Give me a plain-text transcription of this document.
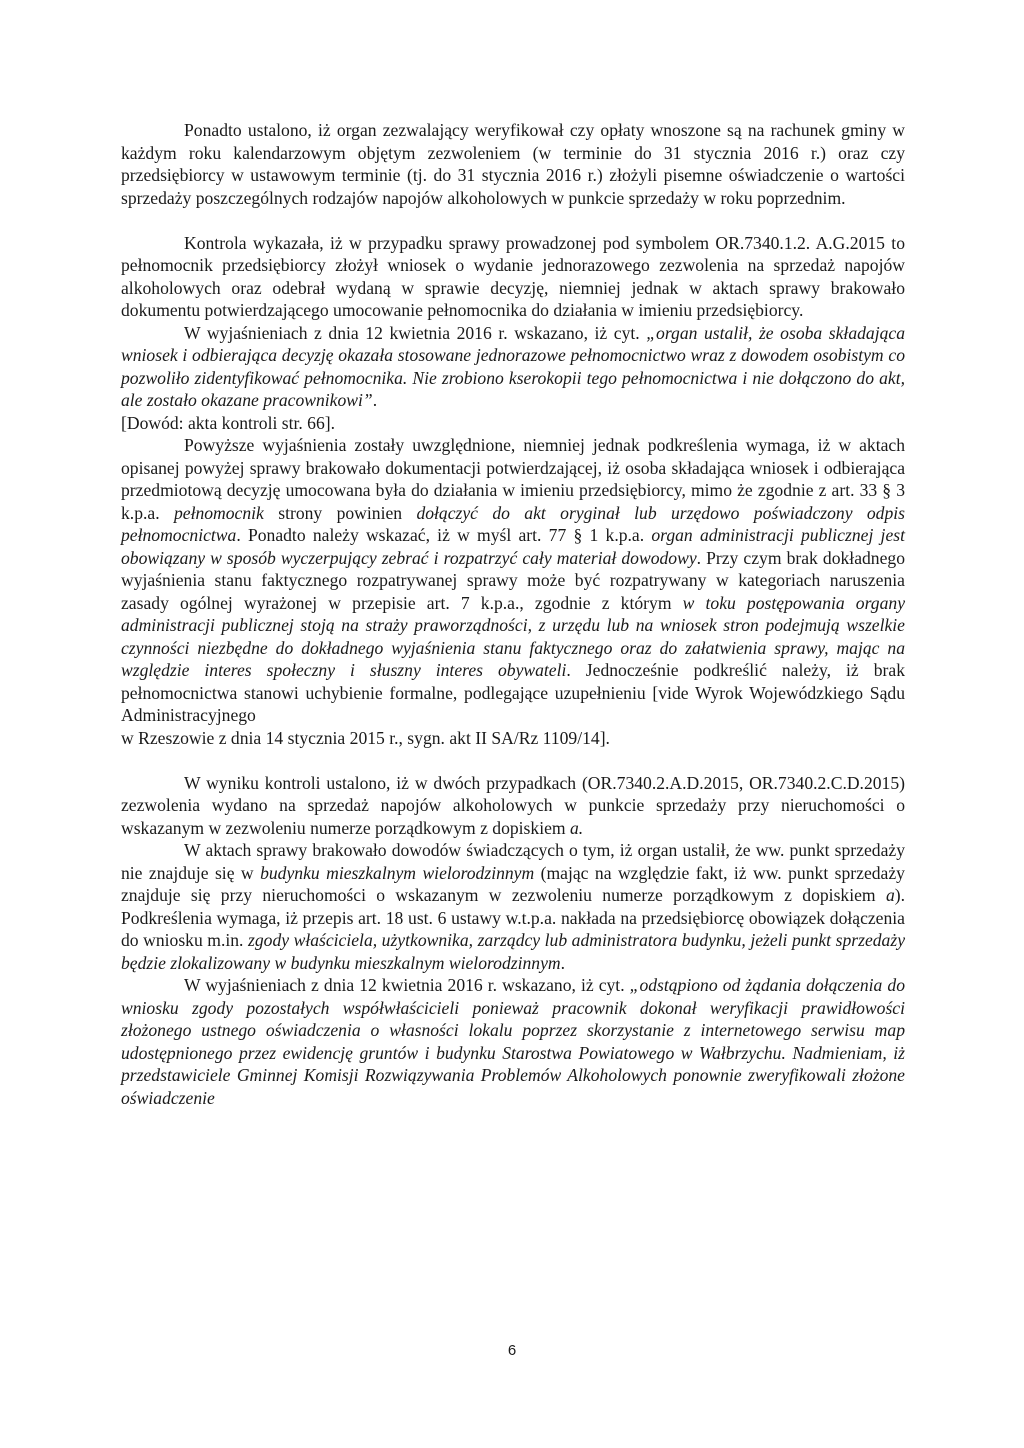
Ponadto ustalono, iż organ zezwalający weryfikował czy opłaty wnoszone są na rachunek gminy w każdym roku kalendarzowym objętym zezwoleniem (w terminie do 31 stycznia 2016 r.) oraz czy przedsiębiorcy w ustawowym terminie (tj. do 31 stycznia 2016 r.) złożyli pisemne oświadczenie o wartości sprzedaży poszczególnych rodzajów napojów alkoholowych w punkcie sprzedaży w roku poprzednim.

Kontrola wykazała, iż w przypadku sprawy prowadzonej pod symbolem OR.7340.1.2. A.G.2015 to pełnomocnik przedsiębiorcy złożył wniosek o wydanie jednorazowego zezwolenia na sprzedaż napojów alkoholowych oraz odebrał wydaną w sprawie decyzję, niemniej jednak w aktach sprawy brakowało dokumentu potwierdzającego umocowanie pełnomocnika do działania w imieniu przedsiębiorcy.

W wyjaśnieniach z dnia 12 kwietnia 2016 r. wskazano, iż cyt. „organ ustalił, że osoba składająca wniosek i odbierająca decyzję okazała stosowane jednorazowe pełnomocnictwo wraz z dowodem osobistym co pozwoliło zidentyfikować pełnomocnika. Nie zrobiono kserokopii tego pełnomocnictwa i nie dołączono do akt, ale zostało okazane pracownikowi”.

[Dowód: akta kontroli str. 66].

Powyższe wyjaśnienia zostały uwzględnione, niemniej jednak podkreślenia wymaga, iż w aktach opisanej powyżej sprawy brakowało dokumentacji potwierdzającej, iż osoba składająca wniosek i odbierająca przedmiotową decyzję umocowana była do działania w imieniu przedsiębiorcy, mimo że zgodnie z art. 33 § 3 k.p.a. pełnomocnik strony powinien dołączyć do akt oryginał lub urzędowo poświadczony odpis pełnomocnictwa. Ponadto należy wskazać, iż w myśl art. 77 § 1 k.p.a. organ administracji publicznej jest obowiązany w sposób wyczerpujący zebrać i rozpatrzyć cały materiał dowodowy. Przy czym brak dokładnego wyjaśnienia stanu faktycznego rozpatrywanej sprawy może być rozpatrywany w kategoriach naruszenia zasady ogólnej wyrażonej w przepisie art. 7 k.p.a., zgodnie z którym w toku postępowania organy administracji publicznej stoją na straży praworządności, z urzędu lub na wniosek stron podejmują wszelkie czynności niezbędne do dokładnego wyjaśnienia stanu faktycznego oraz do załatwienia sprawy, mając na względzie interes społeczny i słuszny interes obywateli. Jednocześnie podkreślić należy, iż brak pełnomocnictwa stanowi uchybienie formalne, podlegające uzupełnieniu [vide Wyrok Wojewódzkiego Sądu Administracyjnego

w Rzeszowie z dnia 14 stycznia 2015 r., sygn. akt II SA/Rz 1109/14].

W wyniku kontroli ustalono, iż w dwóch przypadkach (OR.7340.2.A.D.2015, OR.7340.2.C.D.2015) zezwolenia wydano na sprzedaż napojów alkoholowych w punkcie sprzedaży przy nieruchomości o wskazanym w zezwoleniu numerze porządkowym z dopiskiem a.

W aktach sprawy brakowało dowodów świadczących o tym, iż organ ustalił, że ww. punkt sprzedaży nie znajduje się w budynku mieszkalnym wielorodzinnym (mając na względzie fakt, iż ww. punkt sprzedaży znajduje się przy nieruchomości o wskazanym w zezwoleniu numerze porządkowym z dopiskiem a). Podkreślenia wymaga, iż przepis art. 18 ust. 6 ustawy w.t.p.a. nakłada na przedsiębiorcę obowiązek dołączenia do wniosku m.in. zgody właściciela, użytkownika, zarządcy lub administratora budynku, jeżeli punkt sprzedaży będzie zlokalizowany w budynku mieszkalnym wielorodzinnym.

W wyjaśnieniach z dnia 12 kwietnia 2016 r. wskazano, iż cyt. „odstąpiono od żądania dołączenia do wniosku zgody pozostałych współwłaścicieli ponieważ pracownik dokonał weryfikacji prawidłowości złożonego ustnego oświadczenia o własności lokalu poprzez skorzystanie z internetowego serwisu map udostępnionego przez ewidencję gruntów i budynku Starostwa Powiatowego w Wałbrzychu. Nadmieniam, iż przedstawiciele Gminnej Komisji Rozwiązywania Problemów Alkoholowych ponownie zweryfikowali złożone oświadczenie

6
